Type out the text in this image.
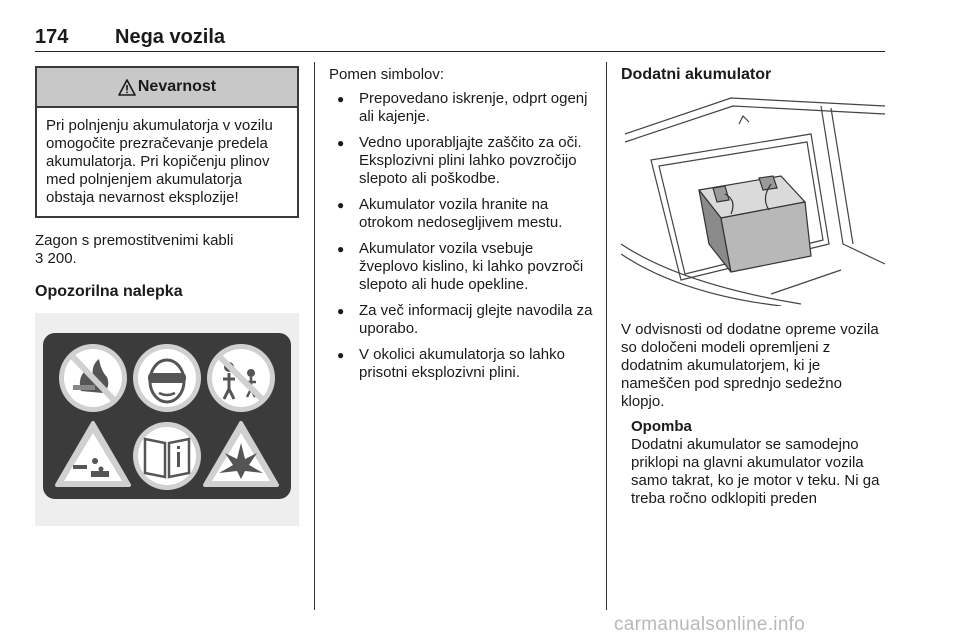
174 Nega vozila
Nevarnost
Pri polnjenju akumulatorja v vozilu omogočite prezračevanje predela akumulatorja. Pri kopičenju plinov med polnjenjem akumulatorja obstaja nevarnost eksplozije!

Zagon s premostitvenimi kabli
3 200.

Opozorilna nalepka

Pomen simbolov:

● Prepovedano iskrenje, odprt ogenj ali kajenje.
● Vedno uporabljajte zaščito za oči. Eksplozivni plini lahko povzročijo slepoto ali poškodbe.
● Akumulator vozila hranite na otrokom nedosegljivem mestu.
● Akumulator vozila vsebuje žveplovo kislino, ki lahko povzroči slepoto ali hude opekline.
● Za več informacij glejte navodila za uporabo.
● V okolici akumulatorja so lahko prisotni eksplozivni plini.
Dodatni akumulator

V odvisnosti od dodatne opreme vozila so določeni modeli opremljeni z dodatnim akumulatorjem, ki je nameščen pod sprednjo sedežno klopjo.

Opomba
Dodatni akumulator se samodejno priklopi na glavni akumulator vozila samo takrat, ko je motor v teku. Ni ga treba ročno odklopiti preden
carmanualsonline.info
